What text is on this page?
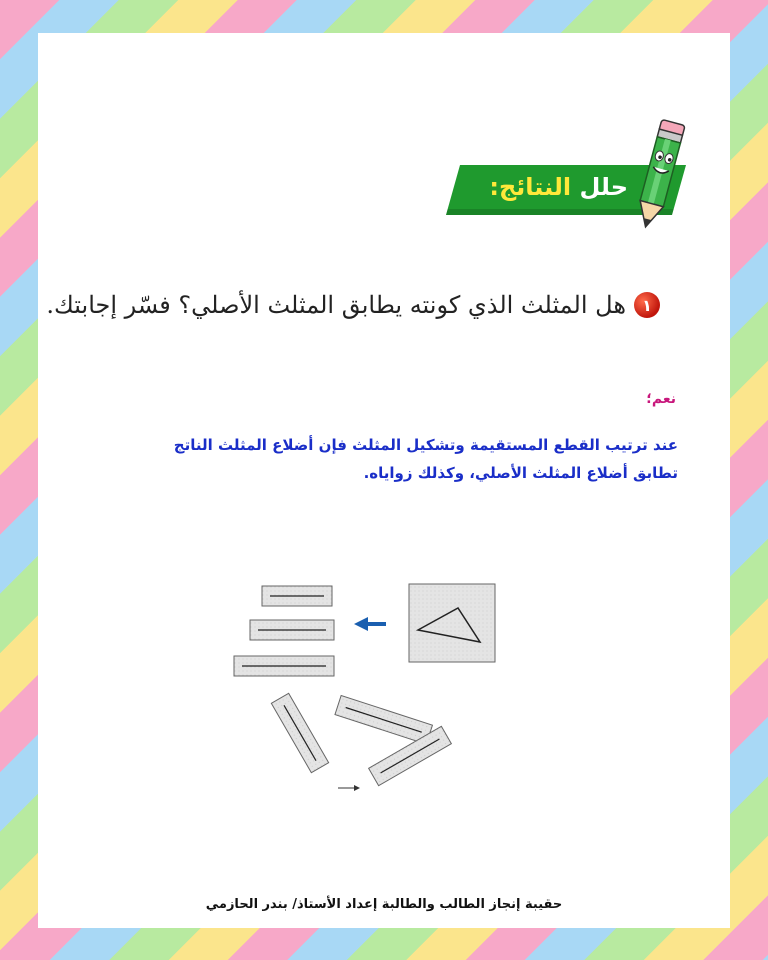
حلل النتائج:
١
هل المثلث الذي كونته يطابق المثلث الأصلي؟ فسّر إجابتك.
نعم؛
عند ترتيب القطع المستقيمة وتشكيل المثلث فإن أضلاع المثلث الناتج تطابق أضلاع المثلث الأصلي، وكذلك زواياه.
حقيبة إنجاز الطالب والطالبة إعداد الأستاذ/ بندر الحازمي
